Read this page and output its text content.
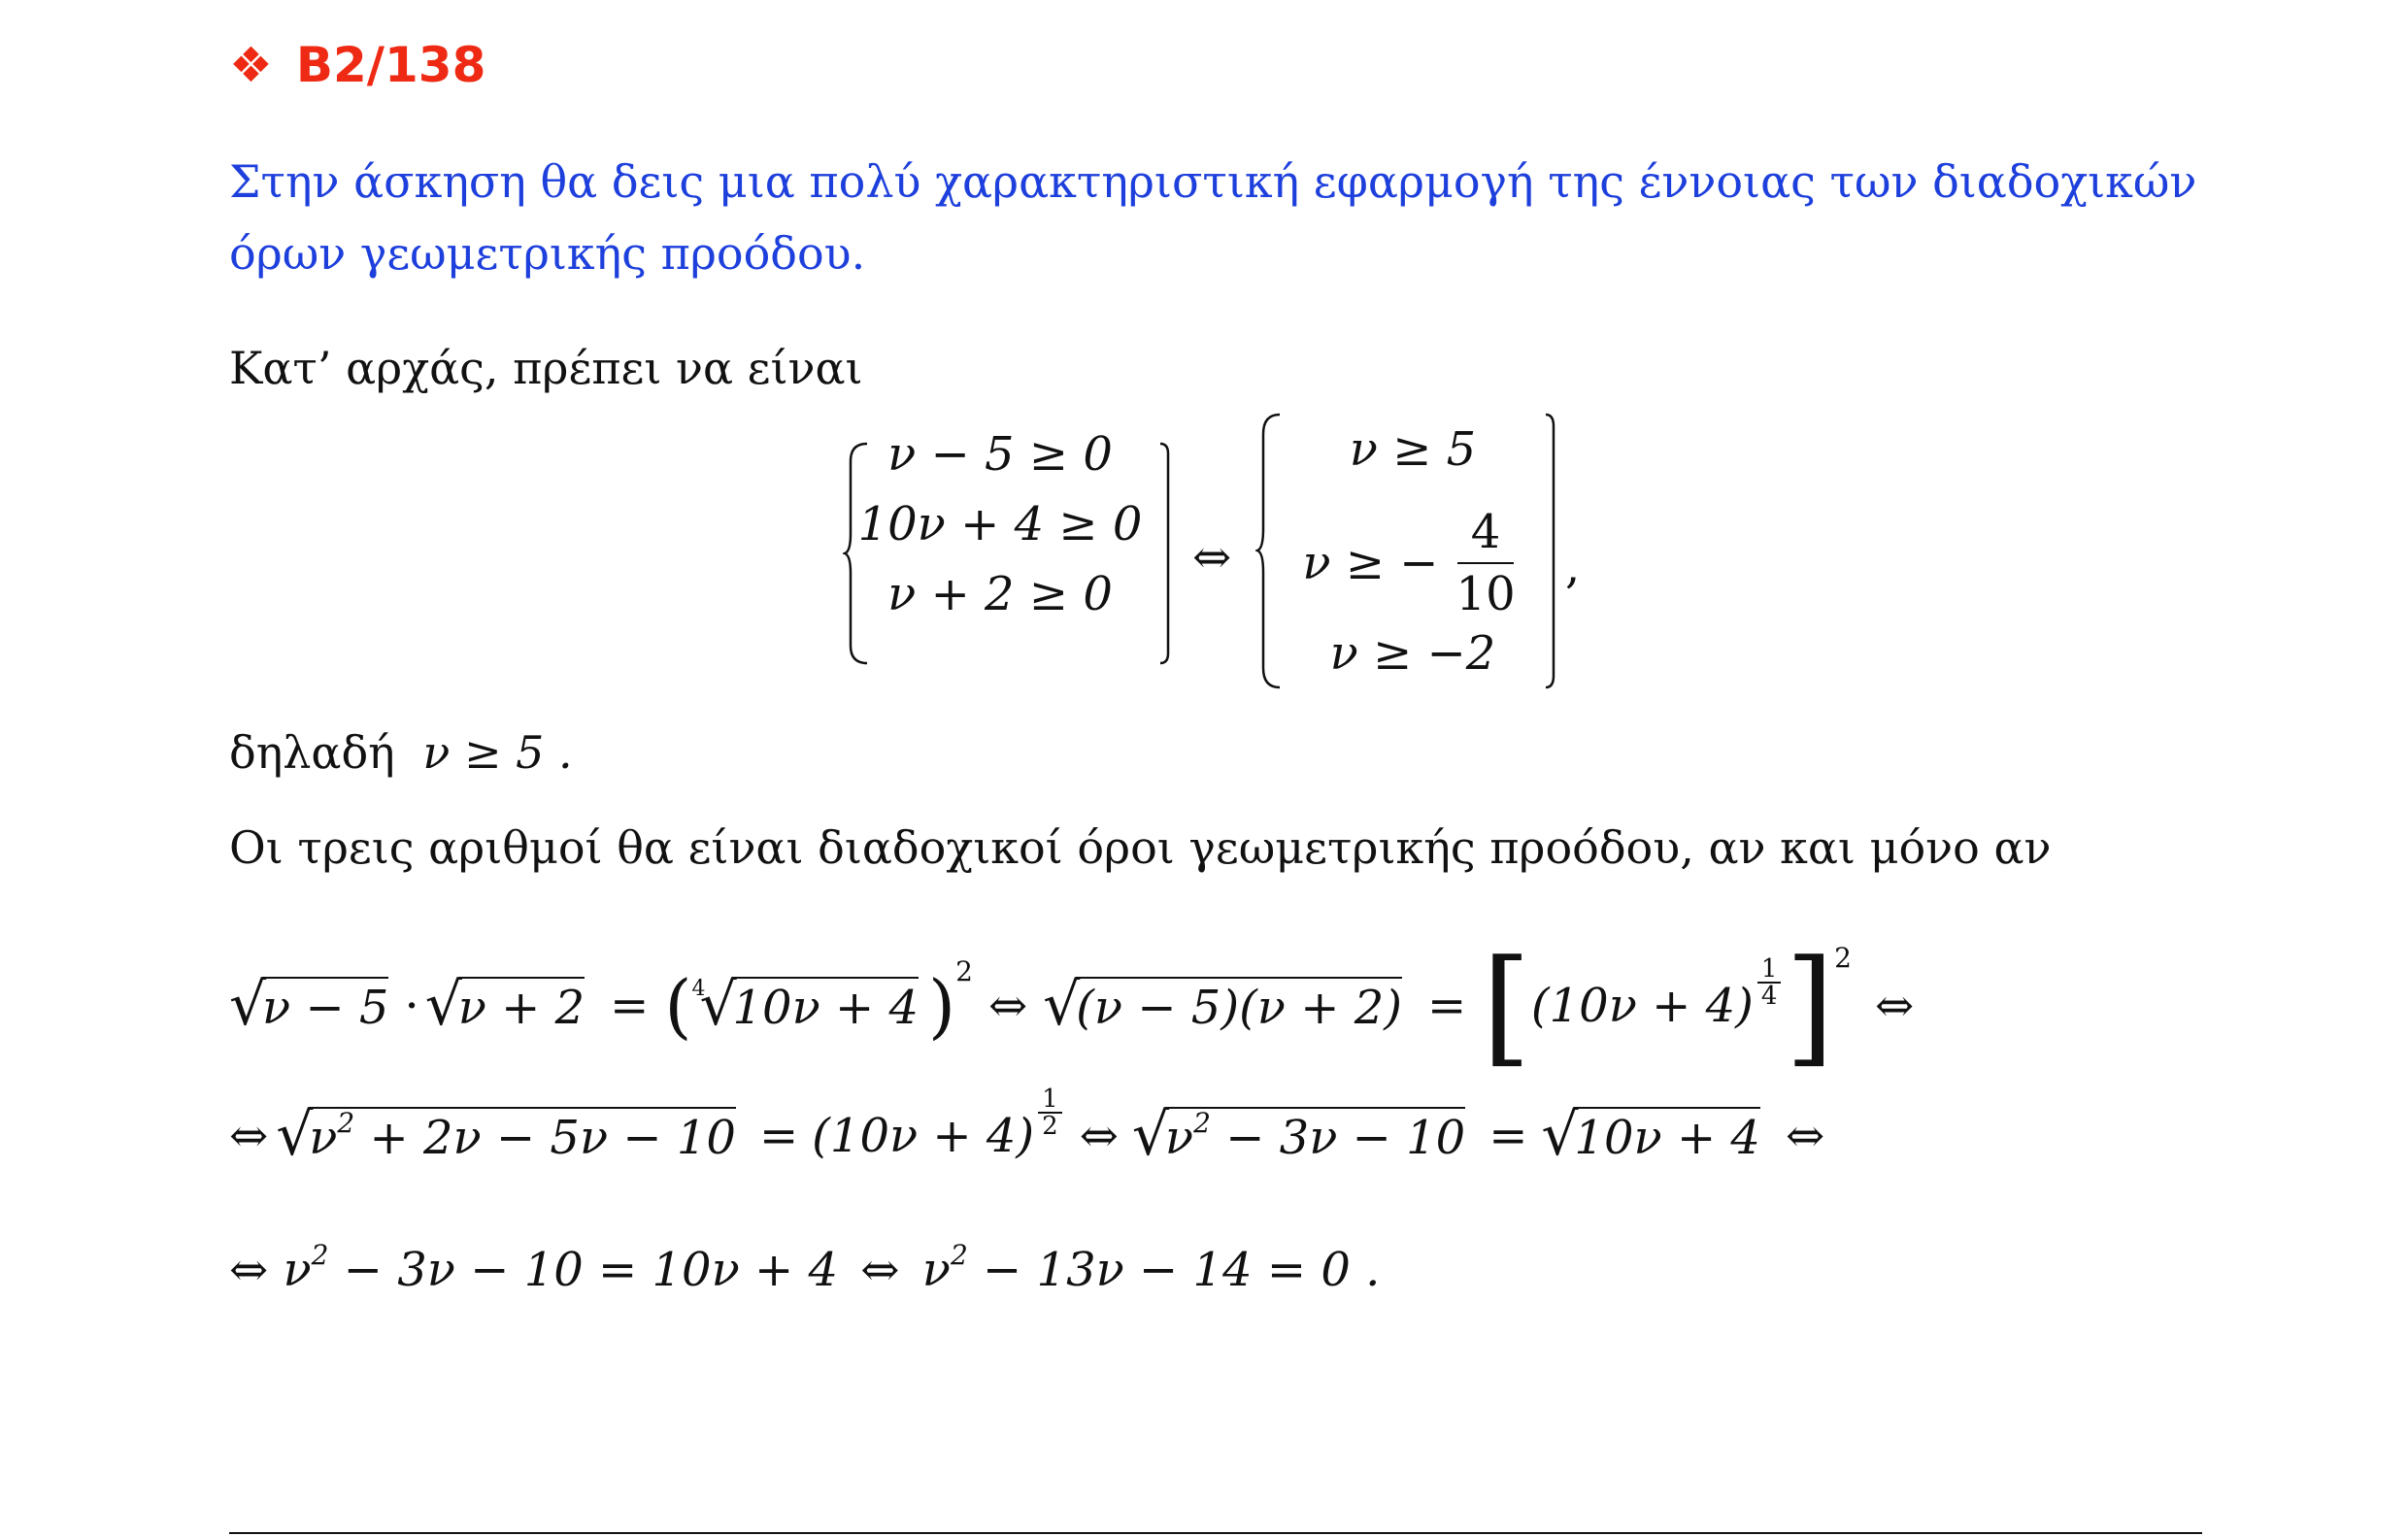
❖ B2/138
Στην άσκηση θα δεις μια πολύ χαρακτηριστική εφαρμογή της έννοιας των διαδοχικών όρων γεωμετρικής προόδου.
Κατ’ αρχάς, πρέπει να είναι
ν − 5 ≥ 0
10ν + 4 ≥ 0
ν + 2 ≥ 0
⇔
ν ≥ 5
ν ≥ − $\frac{4}{10}$
ν ≥ −2
,
δηλαδή ν ≥ 5 .
Οι τρεις αριθμοί θα είναι διαδοχικοί όροι γεωμετρικής προόδου, αν και μόνο αν
√ ν − 5 · √ ν + 2 = ( 4 √ 10ν + 4 )$^2$
⇔	√ (ν − 5)(ν + 2) = [ $(10\nu + 4) \frac{1}{4} ]^2$
⇔
⇔ √ $\nu^2 + 2\nu - 5\nu - 10 = (10\nu + 4) \frac{1}{2}$ ⇔	√ $\nu^2 - 3\nu - 10$ =	√ 10ν + 4 ⇔
⇔ $\nu^2 - 3\nu - 10 = 10\nu + 4$ ⇔ $\nu^2 - 13\nu - 14 = 0$ .
